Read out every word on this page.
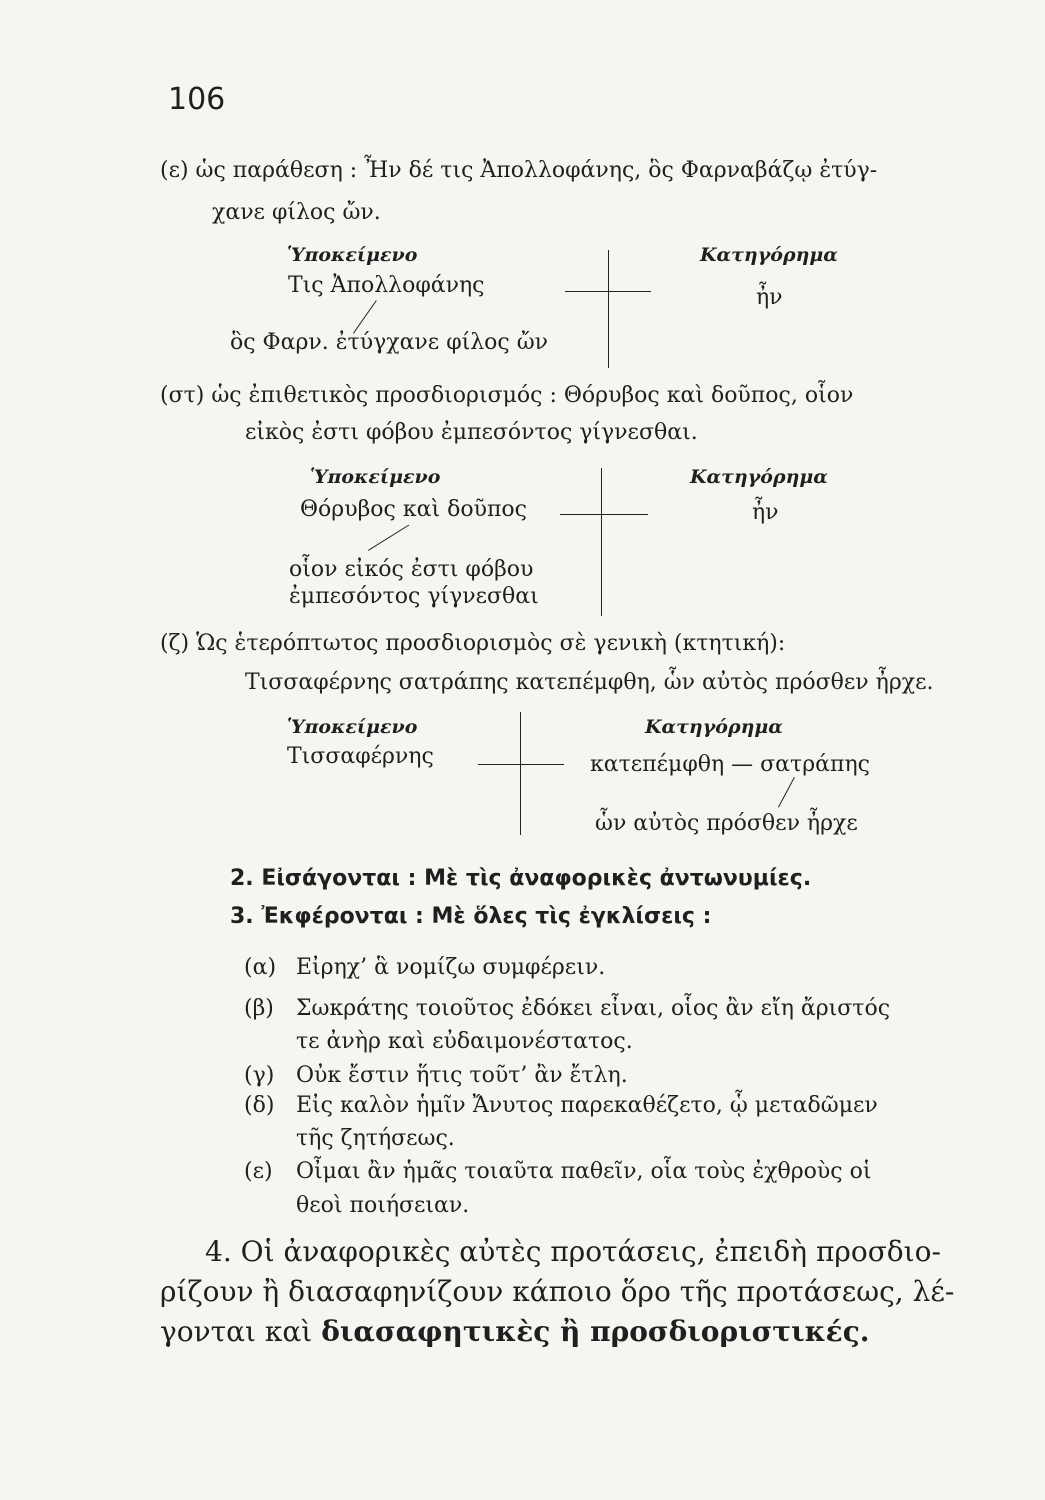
106
(ε) ὡς παράθεση : Ἦν δέ τις Ἀπολλοφάνης, ὃς Φαρναβάζῳ ἐτύγ-
χανε φίλος ὤν.
Ὑποκείμενο	Κατηγόρημα
Τις Ἀπολλοφάνης	ἦν
ὃς Φαρν. ἐτύγχανε φίλος ὤν
(στ) ὡς ἐπιθετικὸς προσδιορισμός : Θόρυβος καὶ δοῦπος, οἷον
εἰκὸς ἐστι φόβου ἐμπεσόντος γίγνεσθαι.
Ὑποκείμενο	Κατηγόρημα
Θόρυβος καὶ δοῦπος	ἦν
οἷον εἰκός ἐστι φόβου
ἐμπεσόντος γίγνεσθαι
(ζ) Ὡς ἑτερόπτωτος προσδιορισμὸς σὲ γενικὴ (κτητική):
Τισσαφέρνης σατράπης κατεπέμφθη, ὧν αὐτὸς πρόσθεν ἦρχε.
Ὑποκείμενο	Κατηγόρημα
Τισσαφέρνης	κατεπέμφθη — σατράπης
ὧν αὐτὸς πρόσθεν ἦρχε
2. Εἰσάγονται : Μὲ τὶς ἀναφορικὲς ἀντωνυμίες.
3. Ἐκφέρονται : Μὲ ὅλες τὶς ἐγκλίσεις :
(α) Εἰρηχ’ ἃ νομίζω συμφέρειν.
(β) Σωκράτης τοιοῦτος ἐδόκει εἶναι, οἷος ἂν εἴη ἄριστός
τε ἀνὴρ καὶ εὐδαιμονέστατος.
(γ) Οὐκ ἔστιν ἥτις τοῦτ’ ἂν ἔτλη.
(δ) Εἰς καλὸν ἡμῖν Ἄνυτος παρεκαθέζετο, ᾧ μεταδῶμεν
τῆς ζητήσεως.
(ε) Οἶμαι ἂν ἡμᾶς τοιαῦτα παθεῖν, οἷα τοὺς ἐχθροὺς οἱ
θεοὶ ποιήσειαν.
4. Οἱ ἀναφορικὲς αὐτὲς προτάσεις, ἐπειδὴ προσδιο-
ρίζουν ἢ διασαφηνίζουν κάποιο ὅρο τῆς προτάσεως, λέ-
γονται καὶ διασαφητικὲς ἢ προσδιοριστικές.
